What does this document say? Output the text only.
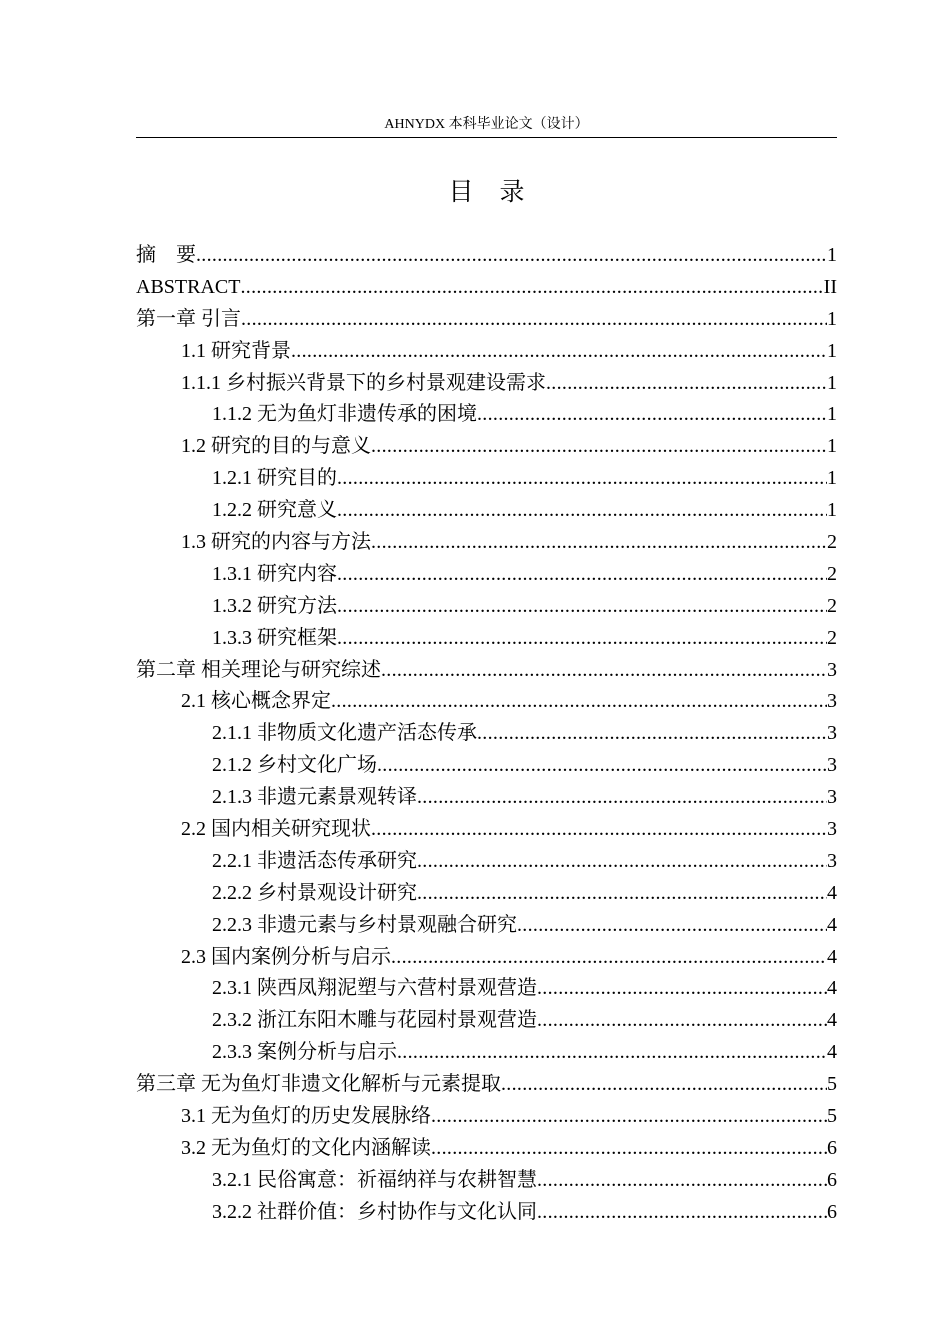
AHNYDX 本科毕业论文（设计）
目录
摘　要 .....	1
ABSTRACT .....	II
第一章 引言 .....	1
1.1 研究背景 .....	1
1.1.1 乡村振兴背景下的乡村景观建设需求 .....	1
1.1.2 无为鱼灯非遗传承的困境 .....	1
1.2 研究的目的与意义 .....	1
1.2.1 研究目的 .....	1
1.2.2 研究意义 .....	1
1.3 研究的内容与方法 .....	2
1.3.1 研究内容 .....	2
1.3.2 研究方法 .....	2
1.3.3 研究框架 .....	2
第二章 相关理论与研究综述 .....	3
2.1 核心概念界定 .....	3
2.1.1 非物质文化遗产活态传承 .....	3
2.1.2 乡村文化广场 .....	3
2.1.3 非遗元素景观转译 .....	3
2.2 国内相关研究现状 .....	3
2.2.1 非遗活态传承研究 .....	3
2.2.2 乡村景观设计研究 .....	4
2.2.3 非遗元素与乡村景观融合研究 .....	4
2.3 国内案例分析与启示 .....	4
2.3.1 陕西凤翔泥塑与六营村景观营造 .....	4
2.3.2 浙江东阳木雕与花园村景观营造 .....	4
2.3.3 案例分析与启示 .....	4
第三章 无为鱼灯非遗文化解析与元素提取 .....	5
3.1 无为鱼灯的历史发展脉络 .....	5
3.2 无为鱼灯的文化内涵解读 .....	6
3.2.1 民俗寓意：祈福纳祥与农耕智慧 .....	6
3.2.2 社群价值：乡村协作与文化认同 .....	6
